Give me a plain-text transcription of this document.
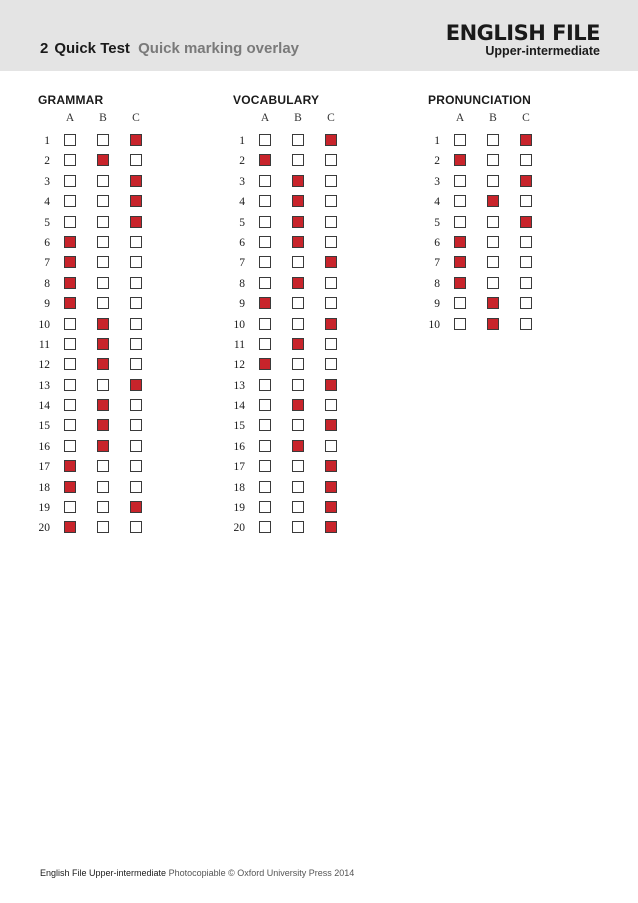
2 Quick Test Quick marking overlay
ENGLISH FILE
Upper-intermediate
GRAMMAR
A B C
1
2
3
4
5
6
7
8
9
10
11
12
13
14
15
16
17
18
19
20
VOCABULARY
A B C
1
2
3
4
5
6
7
8
9
10
11
12
13
14
15
16
17
18
19
20
PRONUNCIATION
A B C
1
2
3
4
5
6
7
8
9
10
English File Upper-intermediate Photocopiable © Oxford University Press 2014
